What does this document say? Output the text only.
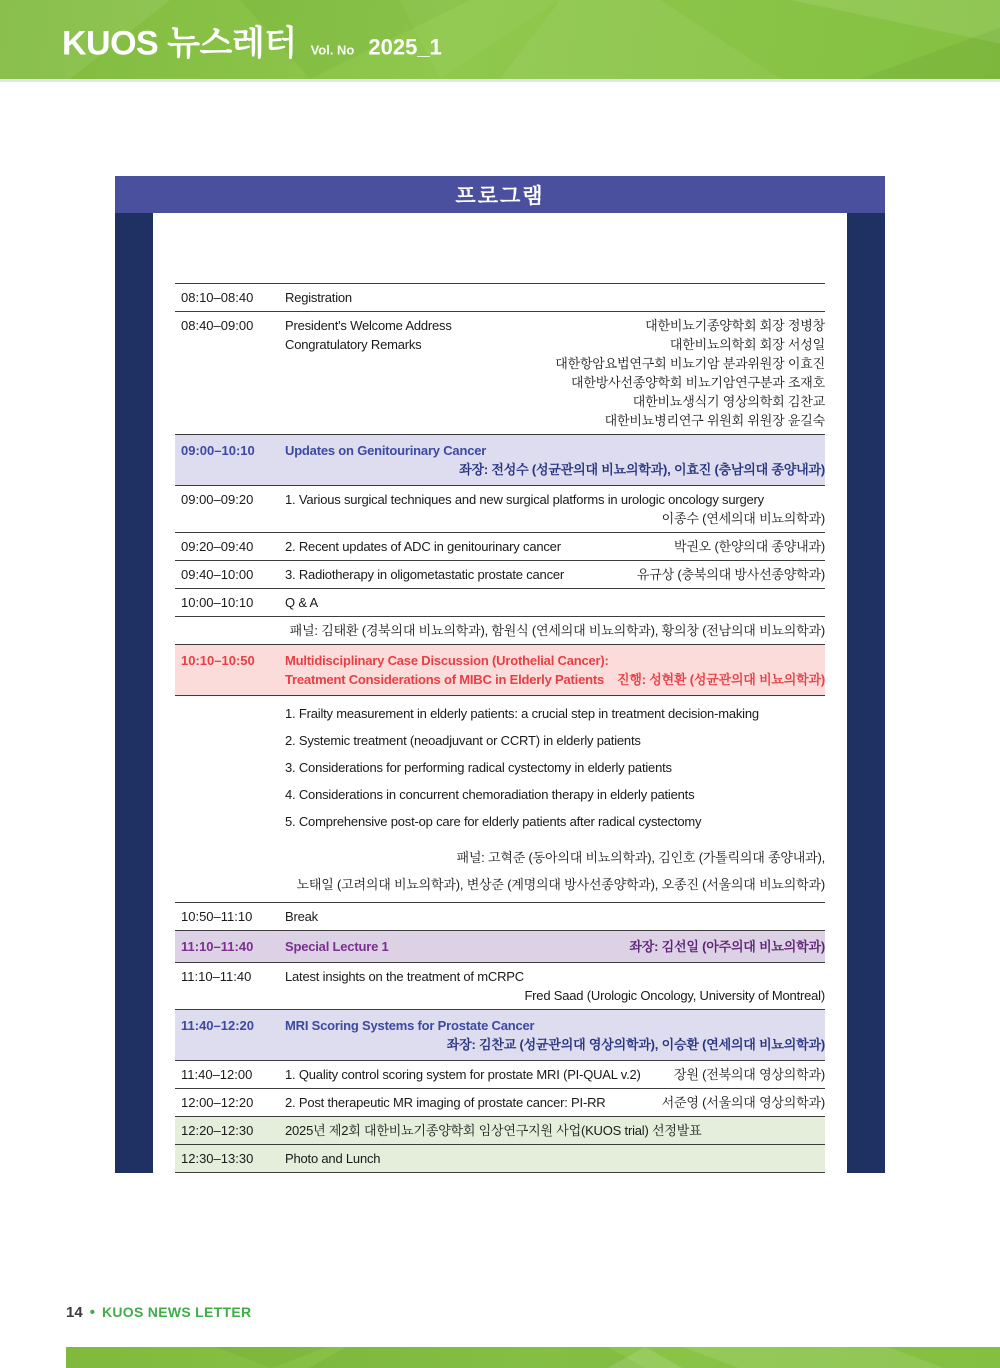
KUOS 뉴스레터 Vol. No 2025_1
프로그램
08:10–08:40	Registration
08:40–09:00	President's Welcome Address	대한비뇨기종양학회 회장 정병창
Congratulatory Remarks	대한비뇨의학회 회장 서성일
대한항암요법연구회 비뇨기암 분과위원장 이효진
대한방사선종양학회 비뇨기암연구분과 조재호
대한비뇨생식기 영상의학회 김찬교
대한비뇨병리연구 위원회 위원장 윤길숙
09:00–10:10	Updates on Genitourinary Cancer
좌장: 전성수 (성균관의대 비뇨의학과), 이효진 (충남의대 종양내과)
09:00–09:20	1. Various surgical techniques and new surgical platforms in urologic oncology surgery
이종수 (연세의대 비뇨의학과)
09:20–09:40	2. Recent updates of ADC in genitourinary cancer	박권오 (한양의대 종양내과)
09:40–10:00	3. Radiotherapy in oligometastatic prostate cancer	유규상 (충북의대 방사선종양학과)
10:00–10:10	Q & A
패널: 김태환 (경북의대 비뇨의학과), 함원식 (연세의대 비뇨의학과), 황의창 (전남의대 비뇨의학과)
10:10–10:50	Multidisciplinary Case Discussion (Urothelial Cancer):
Treatment Considerations of MIBC in Elderly Patients 진행: 성현환 (성균관의대 비뇨의학과)
1. Frailty measurement in elderly patients: a crucial step in treatment decision-making
2. Systemic treatment (neoadjuvant or CCRT) in elderly patients
3. Considerations for performing radical cystectomy in elderly patients
4. Considerations in concurrent chemoradiation therapy in elderly patients
5. Comprehensive post-op care for elderly patients after radical cystectomy
패널: 고혁준 (동아의대 비뇨의학과), 김인호 (가톨릭의대 종양내과),
노태일 (고려의대 비뇨의학과), 변상준 (계명의대 방사선종양학과), 오종진 (서울의대 비뇨의학과)
10:50–11:10	Break
11:10–11:40	Special Lecture 1	좌장: 김선일 (아주의대 비뇨의학과)
11:10–11:40	Latest insights on the treatment of mCRPC
Fred Saad (Urologic Oncology, University of Montreal)
11:40–12:20	MRI Scoring Systems for Prostate Cancer
좌장: 김찬교 (성균관의대 영상의학과), 이승환 (연세의대 비뇨의학과)
11:40–12:00	1. Quality control scoring system for prostate MRI (PI-QUAL v.2)	장원 (전북의대 영상의학과)
12:00–12:20	2. Post therapeutic MR imaging of prostate cancer: PI-RR	서준영 (서울의대 영상의학과)
12:20–12:30	2025년 제2회 대한비뇨기종양학회 임상연구지원 사업(KUOS trial) 선정발표
12:30–13:30	Photo and Lunch
14 • KUOS NEWS LETTER
